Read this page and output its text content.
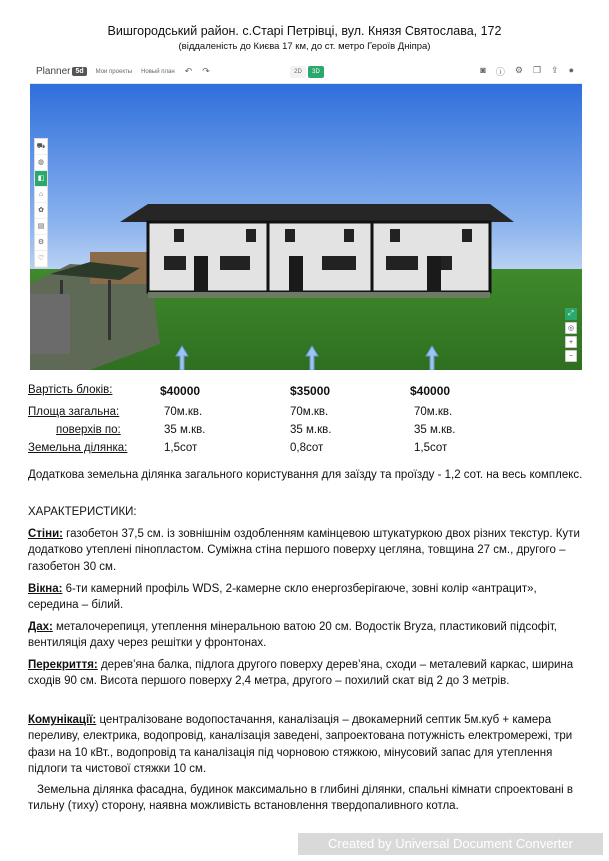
Вишгородський район. с.Старі Петрівці, вул. Князя Святослава, 172
(віддаленість до Києва 17 км, до ст. метро Героїв Дніпра)
Planner 5d	Мои проекты Новый план ↶ ↷	2D	3D	◙ ⓘ ⚙ ❐ ⇪ ●
⛟
◍
◧
⌂
✿
▤
⚙
♡
⤢
◎
+
−
Вартість блоків:	$40000	$35000	$40000
Площа загальна:	70м.кв.	70м.кв.	70м.кв.
поверхів по:	35 м.кв.	35 м.кв.	35 м.кв.
Земельна ділянка:	1,5сот	0,8сот	1,5сот

Додаткова земельна ділянка загального користування для заїзду та проїзду - 1,2 сот. на весь комплекс.

ХАРАКТЕРИСТИКИ:

Стіни: газобетон 37,5 см. із зовнішнім оздобленням камінцевою штукатуркою двох різних текстур. Кути додатково утеплені пінопластом. Суміжна стіна першого поверху цегляна, товщина 27 см., другого – газобетон 30 см.

Вікна: 6-ти камерний профіль WDS, 2-камерне скло енергозберігаюче, зовні колір «антрацит», середина – білий.

Дах: металочерепиця, утеплення мінеральною ватою 20 см. Водостік Bryza, пластиковий підсофіт, вентиляція даху через решітки у фронтонах.

Перекриття: дерев’яна балка, підлога другого поверху дерев’яна, сходи – металевий каркас, ширина сходів 90 см. Висота першого поверху 2,4 метра, другого – похилий скат від 2 до 3 метрів.

Комунікації: централізоване водопостачання, каналізація – двокамерний септик 5м.куб + камера переливу, електрика, водопровід, каналізація заведені, запроектована потужність електромережі, три фази на 10 кВт., водопровід та каналізація під чорновою стяжкою, мінусовий запас для утеплення підлоги та чистової стяжки 10 см.

Земельна ділянка фасадна, будинок максимально в глибині ділянки, спальні кімнати спроектовані в тильну (тиху) сторону, наявна можливість встановлення твердопаливного котла.

Created by Universal Document Converter
